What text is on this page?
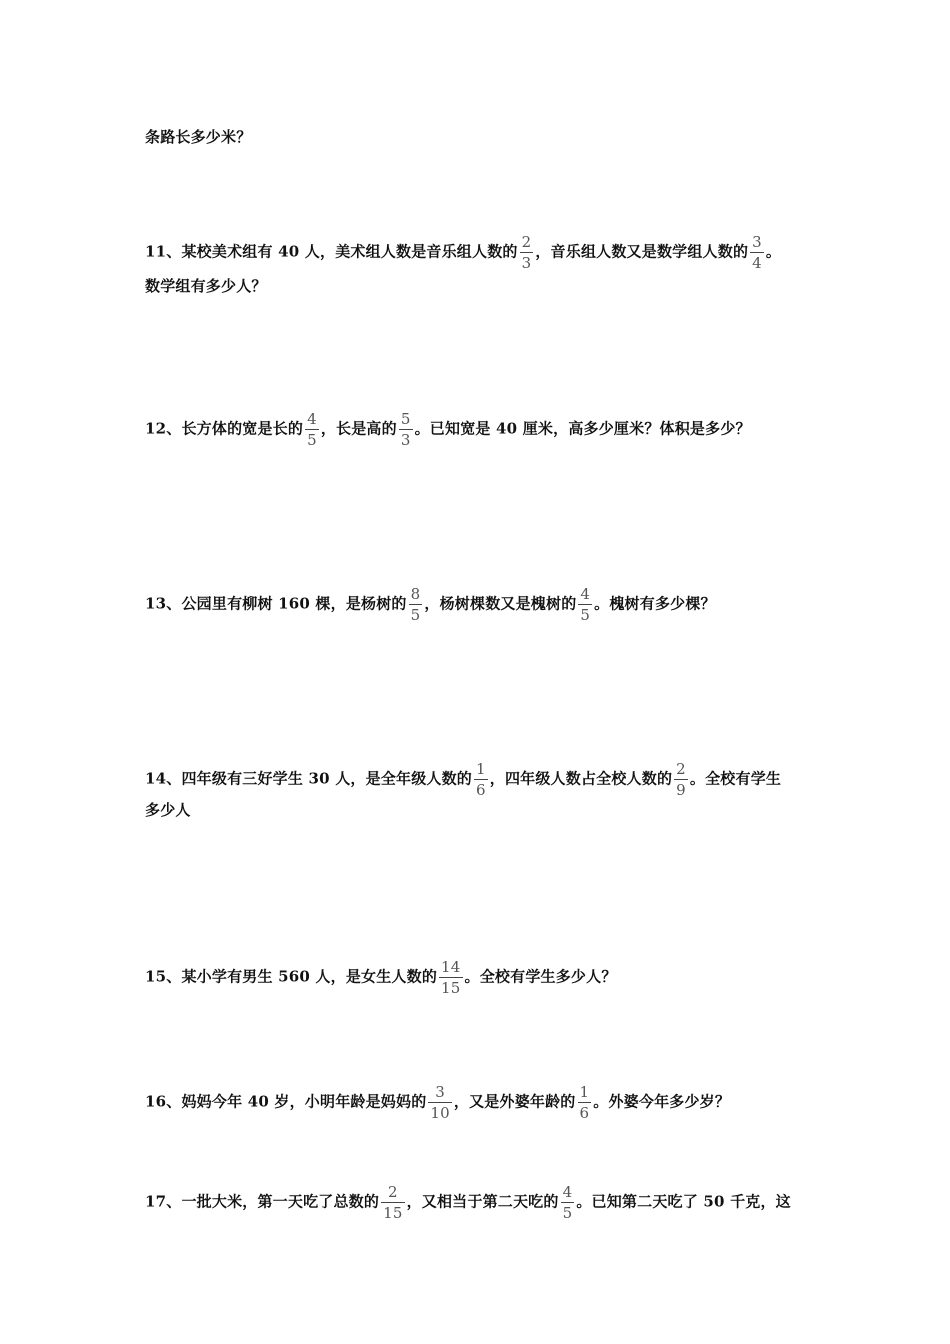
条路长多少米？
11、某校美术组有 40 人，美术组人数是音乐组人数的 $\frac{2}{3}$ ，音乐组人数又是数学组人数的 $\frac{3}{4}$ 。
数学组有多少人？
12、长方体的宽是长的 $\frac{4}{5}$ ，长是高的 $\frac{5}{3}$ 。已知宽是 40 厘米，高多少厘米？体积是多少？
13、公园里有柳树 160 棵，是杨树的 $\frac{8}{5}$ ，杨树棵数又是槐树的 $\frac{4}{5}$ 。槐树有多少棵？
14、四年级有三好学生 30 人，是全年级人数的 $\frac{1}{6}$ ，四年级人数占全校人数的 $\frac{2}{9}$ 。全校有学生
多少人
15、某小学有男生 560 人，是女生人数的 $\frac{14}{15}$ 。全校有学生多少人？
16、妈妈今年 40 岁，小明年龄是妈妈的 $\frac{3}{10}$ ，又是外婆年龄的 $\frac{1}{6}$ 。外婆今年多少岁？
17、一批大米，第一天吃了总数的 $\frac{2}{15}$ ，又相当于第二天吃的 $\frac{4}{5}$ 。已知第二天吃了 50 千克，这
